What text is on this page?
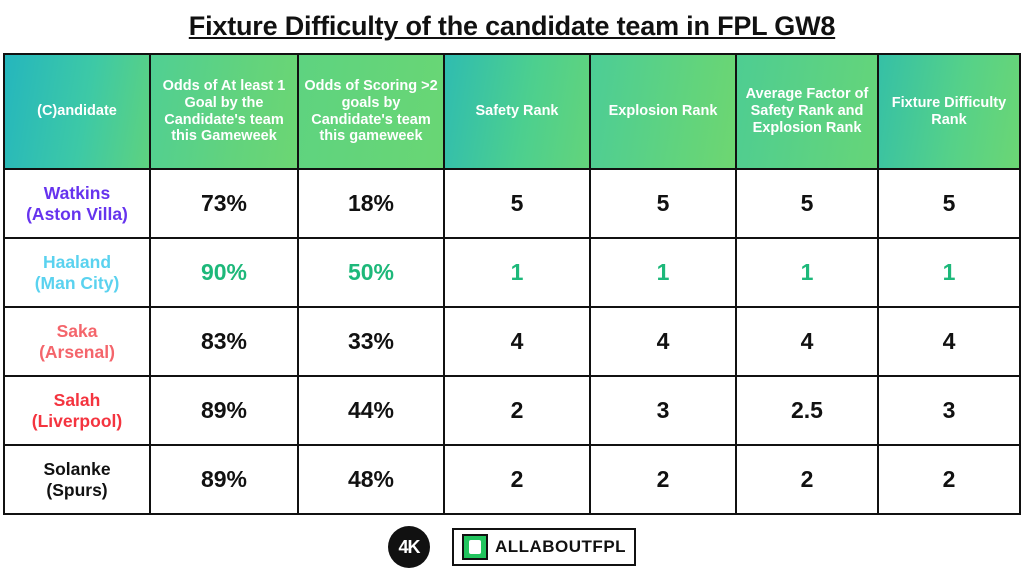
Fixture Difficulty of the candidate team in FPL GW8
(C)andidate	Odds of At least 1 Goal by the Candidate's team this Gameweek	Odds of Scoring >2 goals by Candidate's team this gameweek	Safety Rank	Explosion Rank	Average Factor of Safety Rank and Explosion Rank	Fixture Difficulty Rank

Watkins
(Aston Villa)	73%	18%	5	5	5	5

Haaland
(Man City)	90%	50%	1	1	1	1

Saka
(Arsenal)	83%	33%	4	4	4	4

Salah
(Liverpool)	89%	44%	2	3	2.5	3

Solanke
(Spurs)	89%	48%	2	2	2	2
4K	ALLABOUTFPL
